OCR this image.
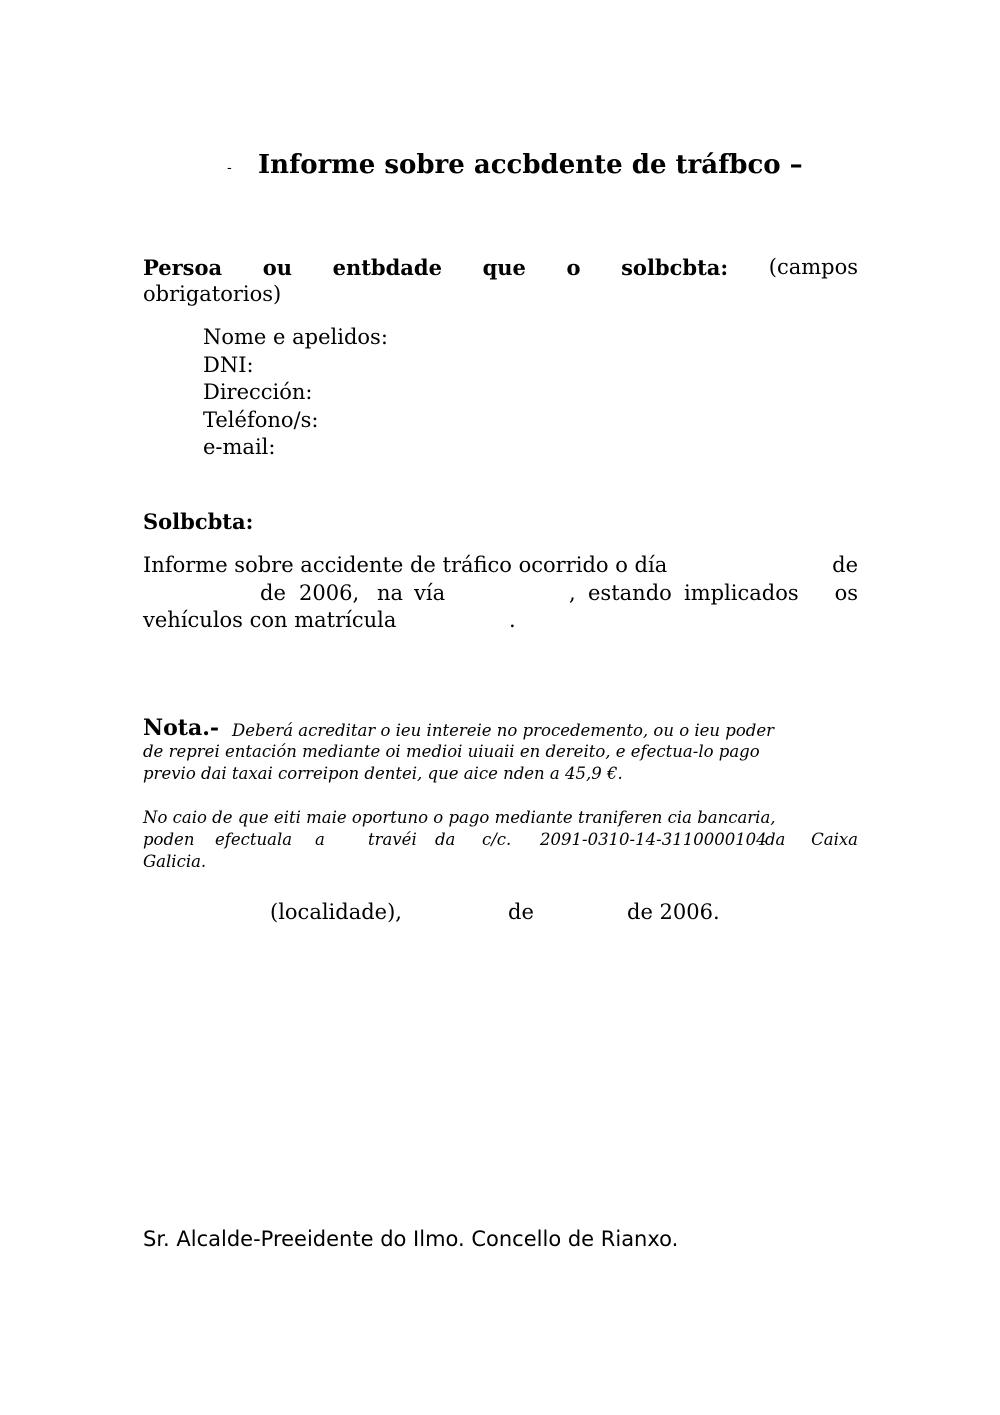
- Informe sobre accbdente de tráfbco –
Persoa ou entbdade que o solbcbta: (campos
obrigatorios)
Nome e apelidos:
DNI:
Dirección:
Teléfono/s:
e-mail:
Solbcbta:
Informe sobre accidente de tráfico ocorrido o día	de
de 2006, na vía	, estando implicados os
vehículos con matrícula	.
Nota.- Deberá acreditar o ieu intereie no procedemento, ou o ieu poder
de reprei entación mediante oi medioi uiuaii en dereito, e efectua-lo pago
previo dai taxai correipon dentei, que aice nden a 45,9 €.
No caio de que eiti maie oportuno o pago mediante traniferen cia bancaria,
poden efectuala a	travéi da c/c. 2091-0310-14-3110000104
da Caixa
Galicia.
(localidade),	de	de 2006.
Sr. Alcalde-Preeidente do Ilmo. Concello de Rianxo.
